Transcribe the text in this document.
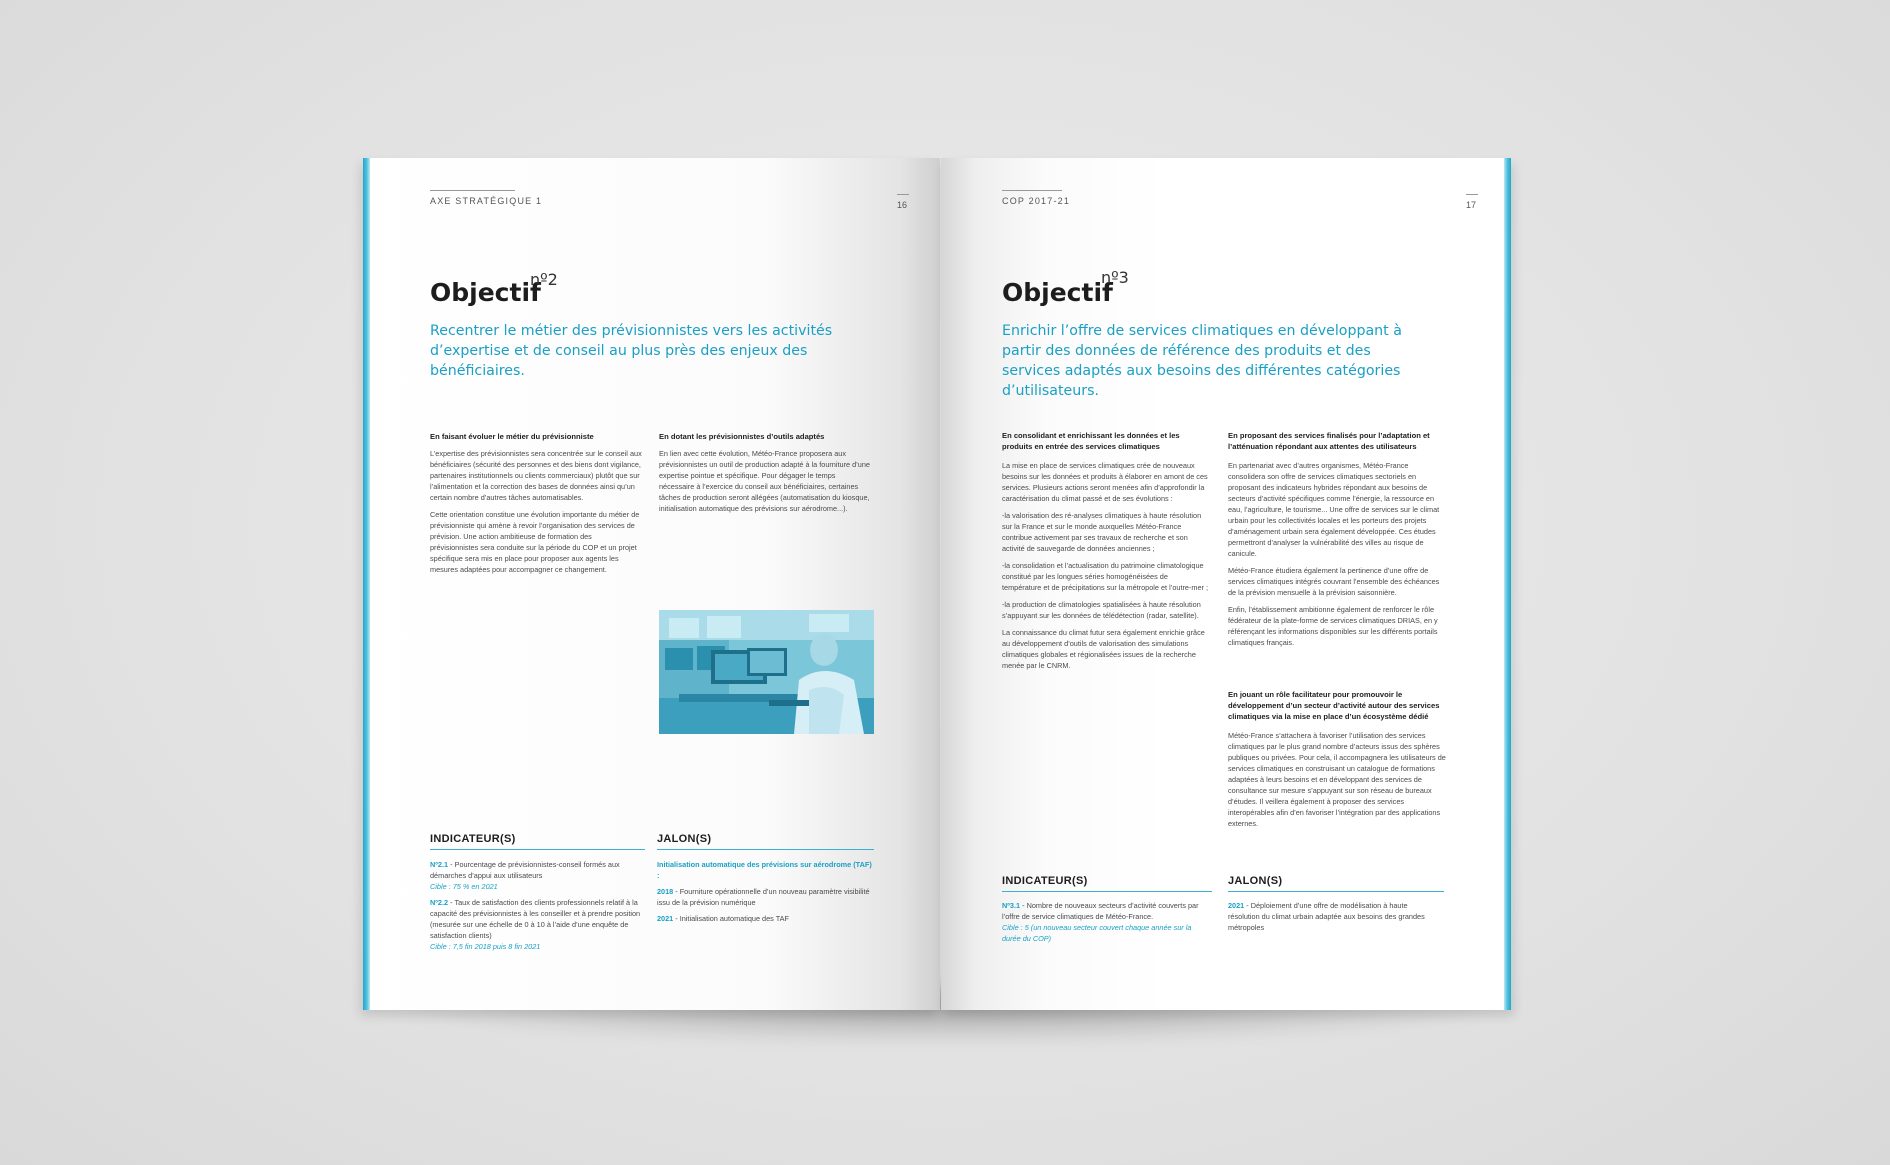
AXE STRATÉGIQUE 1	16	COP 2017-21	17
Objectif
nº2
Recentrer le métier des prévisionnistes vers les activités d’expertise et de conseil au plus près des enjeux des bénéficiaires.
En faisant évoluer le métier du prévisionniste

L’expertise des prévisionnistes sera concentrée sur le conseil aux bénéficiaires (sécurité des personnes et des biens dont vigilance, partenaires institutionnels ou clients commerciaux) plutôt que sur l’alimentation et la correction des bases de données ainsi qu’un certain nombre d’autres tâches automatisables.

Cette orientation constitue une évolution importante du métier de prévisionniste qui amène à revoir l’organisation des services de prévision. Une action ambitieuse de formation des prévisionnistes sera conduite sur la période du COP et un projet spécifique sera mis en place pour proposer aux agents les mesures adaptées pour accompagner ce changement.

En dotant les prévisionnistes d’outils adaptés

En lien avec cette évolution, Météo-France proposera aux prévisionnistes un outil de production adapté à la fourniture d’une expertise pointue et spécifique. Pour dégager le temps nécessaire à l’exercice du conseil aux bénéficiaires, certaines tâches de production seront allégées (automatisation du kiosque, initialisation automatique des prévisions sur aérodrome...).

Objectif
nº3
Enrichir l’offre de services climatiques en développant à partir des données de référence des produits et des services adaptés aux besoins des différentes catégories d’utilisateurs.
En consolidant et enrichissant les données et les produits en entrée des services climatiques

La mise en place de services climatiques crée de nouveaux besoins sur les données et produits à élaborer en amont de ces services. Plusieurs actions seront menées afin d’approfondir la caractérisation du climat passé et de ses évolutions :

-la valorisation des ré-analyses climatiques à haute résolution sur la France et sur le monde auxquelles Météo-France contribue activement par ses travaux de recherche et son activité de sauvegarde de données anciennes ;

-la consolidation et l’actualisation du patrimoine climatologique constitué par les longues séries homogénéisées de température et de précipitations sur la métropole et l’outre-mer ;

-la production de climatologies spatialisées à haute résolution s’appuyant sur les données de télédétection (radar, satellite).

La connaissance du climat futur sera également enrichie grâce au développement d’outils de valorisation des simulations climatiques globales et régionalisées issues de la recherche menée par le CNRM.

En proposant des services finalisés pour l’adaptation et l’atténuation répondant aux attentes des utilisateurs

En partenariat avec d’autres organismes, Météo-France consolidera son offre de services climatiques sectoriels en proposant des indicateurs hybrides répondant aux besoins de secteurs d’activité spécifiques comme l’énergie, la ressource en eau, l’agriculture, le tourisme... Une offre de services sur le climat urbain pour les collectivités locales et les porteurs des projets d’aménagement urbain sera également développée. Ces études permettront d’analyser la vulnérabilité des villes au risque de canicule.

Météo-France étudiera également la pertinence d’une offre de services climatiques intégrés couvrant l’ensemble des échéances de la prévision mensuelle à la prévision saisonnière.

Enfin, l’établissement ambitionne également de renforcer le rôle fédérateur de la plate-forme de services climatiques DRIAS, en y référençant les informations disponibles sur les différents portails climatiques français.

En jouant un rôle facilitateur pour promouvoir le développement d’un secteur d’activité autour des services climatiques via la mise en place d’un écosystème dédié

Météo-France s’attachera à favoriser l’utilisation des services climatiques par le plus grand nombre d’acteurs issus des sphères publiques ou privées. Pour cela, il accompagnera les utilisateurs de services climatiques en construisant un catalogue de formations adaptées à leurs besoins et en développant des services de consultance sur mesure s’appuyant sur son réseau de bureaux d’études. Il veillera également à proposer des services interopérables afin d’en favoriser l’intégration par des applications externes.

INDICATEUR(S)

Nº2.1 - Pourcentage de prévisionnistes-conseil formés aux démarches d’appui aux utilisateurs
Cible : 75 % en 2021

Nº2.2 - Taux de satisfaction des clients professionnels relatif à la capacité des prévisionnistes à les conseiller et à prendre position (mesurée sur une échelle de 0 à 10 à l’aide d’une enquête de satisfaction clients)
Cible : 7,5 fin 2018 puis 8 fin 2021

JALON(S)

Initialisation automatique des prévisions sur aérodrome (TAF) :

2018 - Fourniture opérationnelle d’un nouveau paramètre visibilité issu de la prévision numérique

2021 - Initialisation automatique des TAF

INDICATEUR(S)

Nº3.1 - Nombre de nouveaux secteurs d’activité couverts par l’offre de service climatiques de Météo-France.
Cible : 5 (un nouveau secteur couvert chaque année sur la durée du COP)

JALON(S)

2021 - Déploiement d’une offre de modélisation à haute résolution du climat urbain adaptée aux besoins des grandes métropoles
